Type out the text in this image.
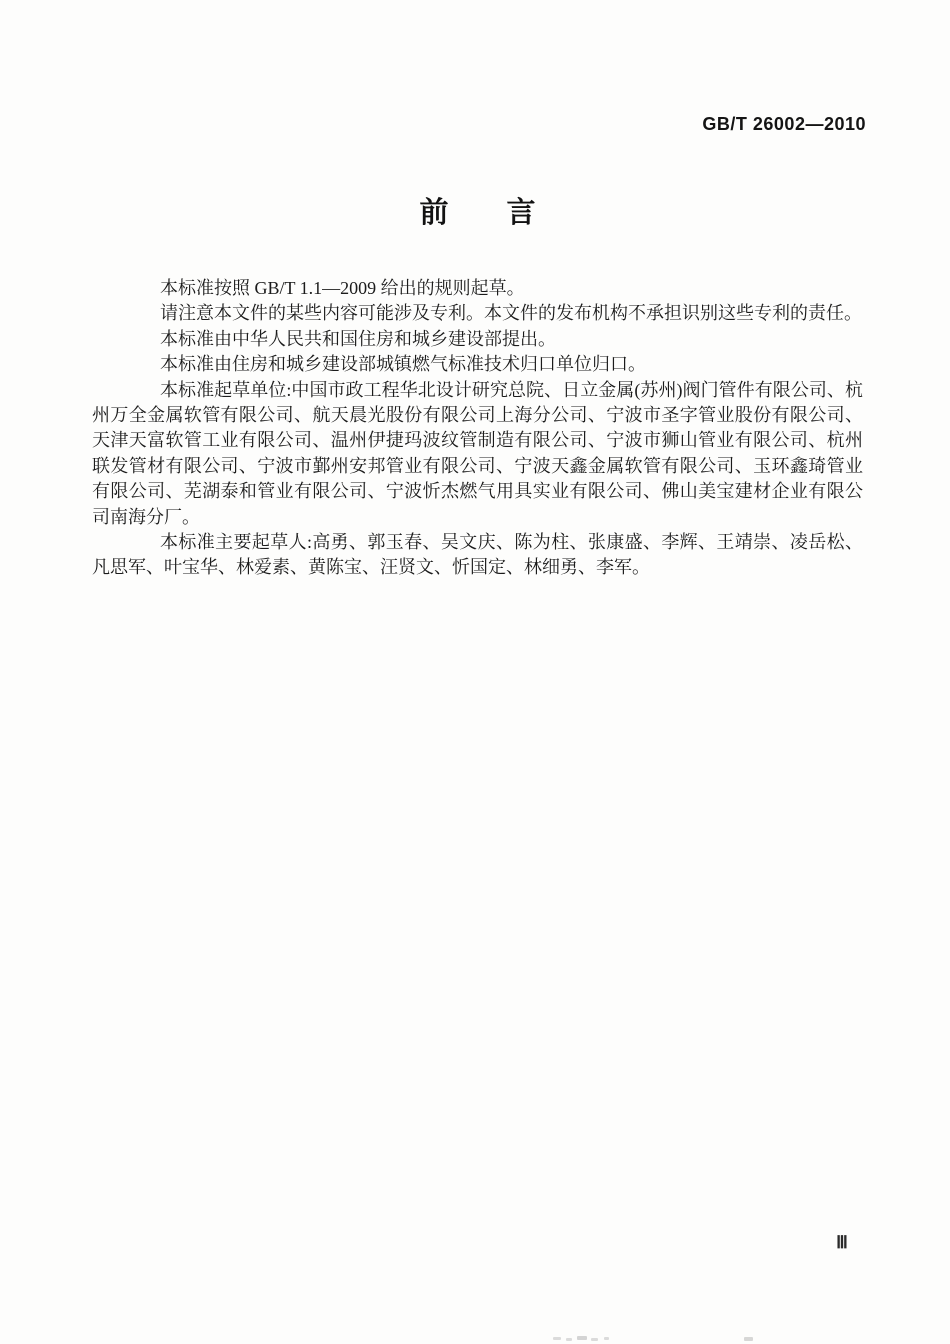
GB/T 26002—2010
前　　言

本标准按照 GB/T 1.1—2009 给出的规则起草。

请注意本文件的某些内容可能涉及专利。本文件的发布机构不承担识别这些专利的责任。

本标准由中华人民共和国住房和城乡建设部提出。

本标准由住房和城乡建设部城镇燃气标准技术归口单位归口。

本标准起草单位:中国市政工程华北设计研究总院、日立金属(苏州)阀门管件有限公司、杭州万全金属软管有限公司、航天晨光股份有限公司上海分公司、宁波市圣字管业股份有限公司、天津天富软管工业有限公司、温州伊捷玛波纹管制造有限公司、宁波市狮山管业有限公司、杭州联发管材有限公司、宁波市鄞州安邦管业有限公司、宁波天鑫金属软管有限公司、玉环鑫琦管业有限公司、芜湖泰和管业有限公司、宁波忻杰燃气用具实业有限公司、佛山美宝建材企业有限公司南海分厂。

本标准主要起草人:高勇、郭玉春、吴文庆、陈为柱、张康盛、李辉、王靖崇、凌岳松、凡思军、叶宝华、林爱素、黄陈宝、汪贤文、忻国定、林细勇、李军。

Ⅲ
